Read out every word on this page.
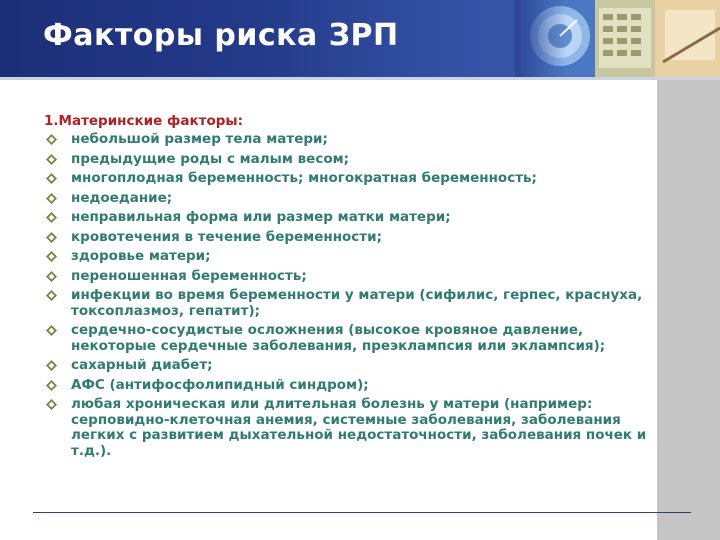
Факторы риска ЗРП
1.Материнские факторы:
небольшой размер тела матери;
предыдущие роды с малым весом;
многоплодная беременность; многократная беременность;
недоедание;
неправильная форма или размер матки матери;
кровотечения в течение беременности;
здоровье матери;
переношенная беременность;
инфекции во время беременности у матери (сифилис, герпес, краснуха, токсоплазмоз, гепатит);
сердечно-сосудистые осложнения (высокое кровяное давление, некоторые сердечные заболевания, преэклампсия или эклампсия);
сахарный диабет;
АФС (антифосфолипидный синдром);
любая хроническая или длительная болезнь у матери (например: серповидно-клеточная анемия, системные заболевания, заболевания легких с развитием дыхательной недостаточности, заболевания почек и т.д.).
